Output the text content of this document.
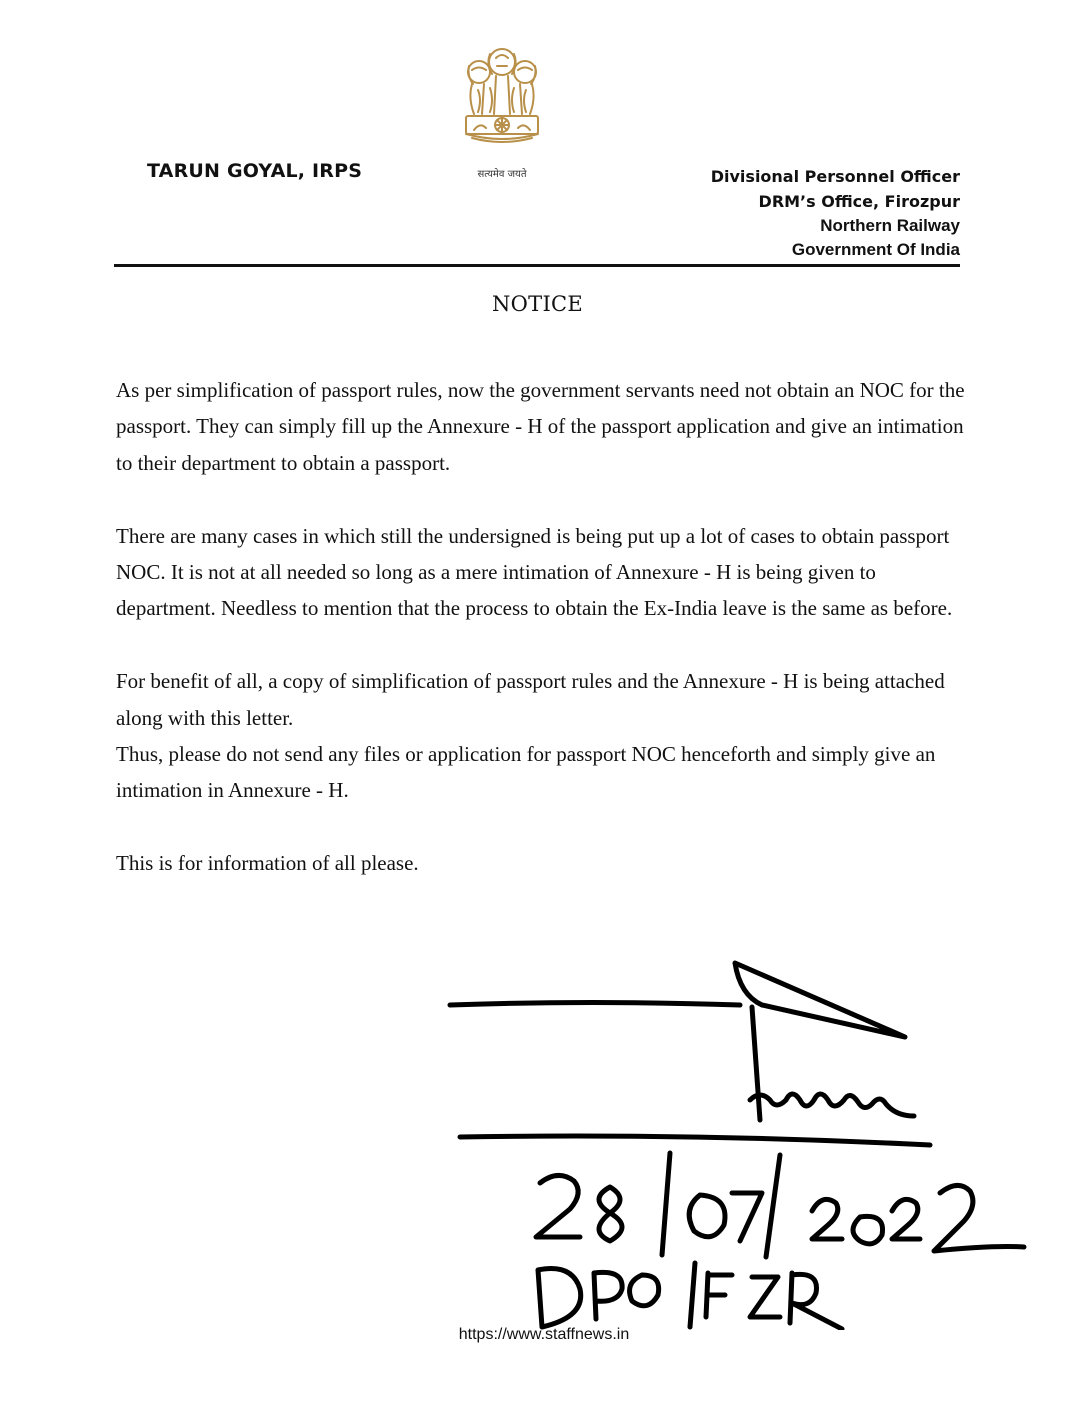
सत्यमेव जयते
TARUN GOYAL, IRPS	Divisional Personnel Officer
DRM’s Office, Firozpur
Northern Railway
Government Of India
NOTICE

As per simplification of passport rules, now the government servants need not obtain an NOC for the passport. They can simply fill up the Annexure - H of the passport application and give an intimation to their department to obtain a passport.

There are many cases in which still the undersigned is being put up a lot of cases to obtain passport NOC. It is not at all needed so long as a mere intimation of Annexure - H is being given to department. Needless to mention that the process to obtain the Ex-India leave is the same as before.

For benefit of all, a copy of simplification of passport rules and the Annexure - H is being attached along with this letter.

Thus, please do not send any files or application for passport NOC henceforth and simply give an intimation in Annexure - H.

This is for information of all please.

https://www.staffnews.in
